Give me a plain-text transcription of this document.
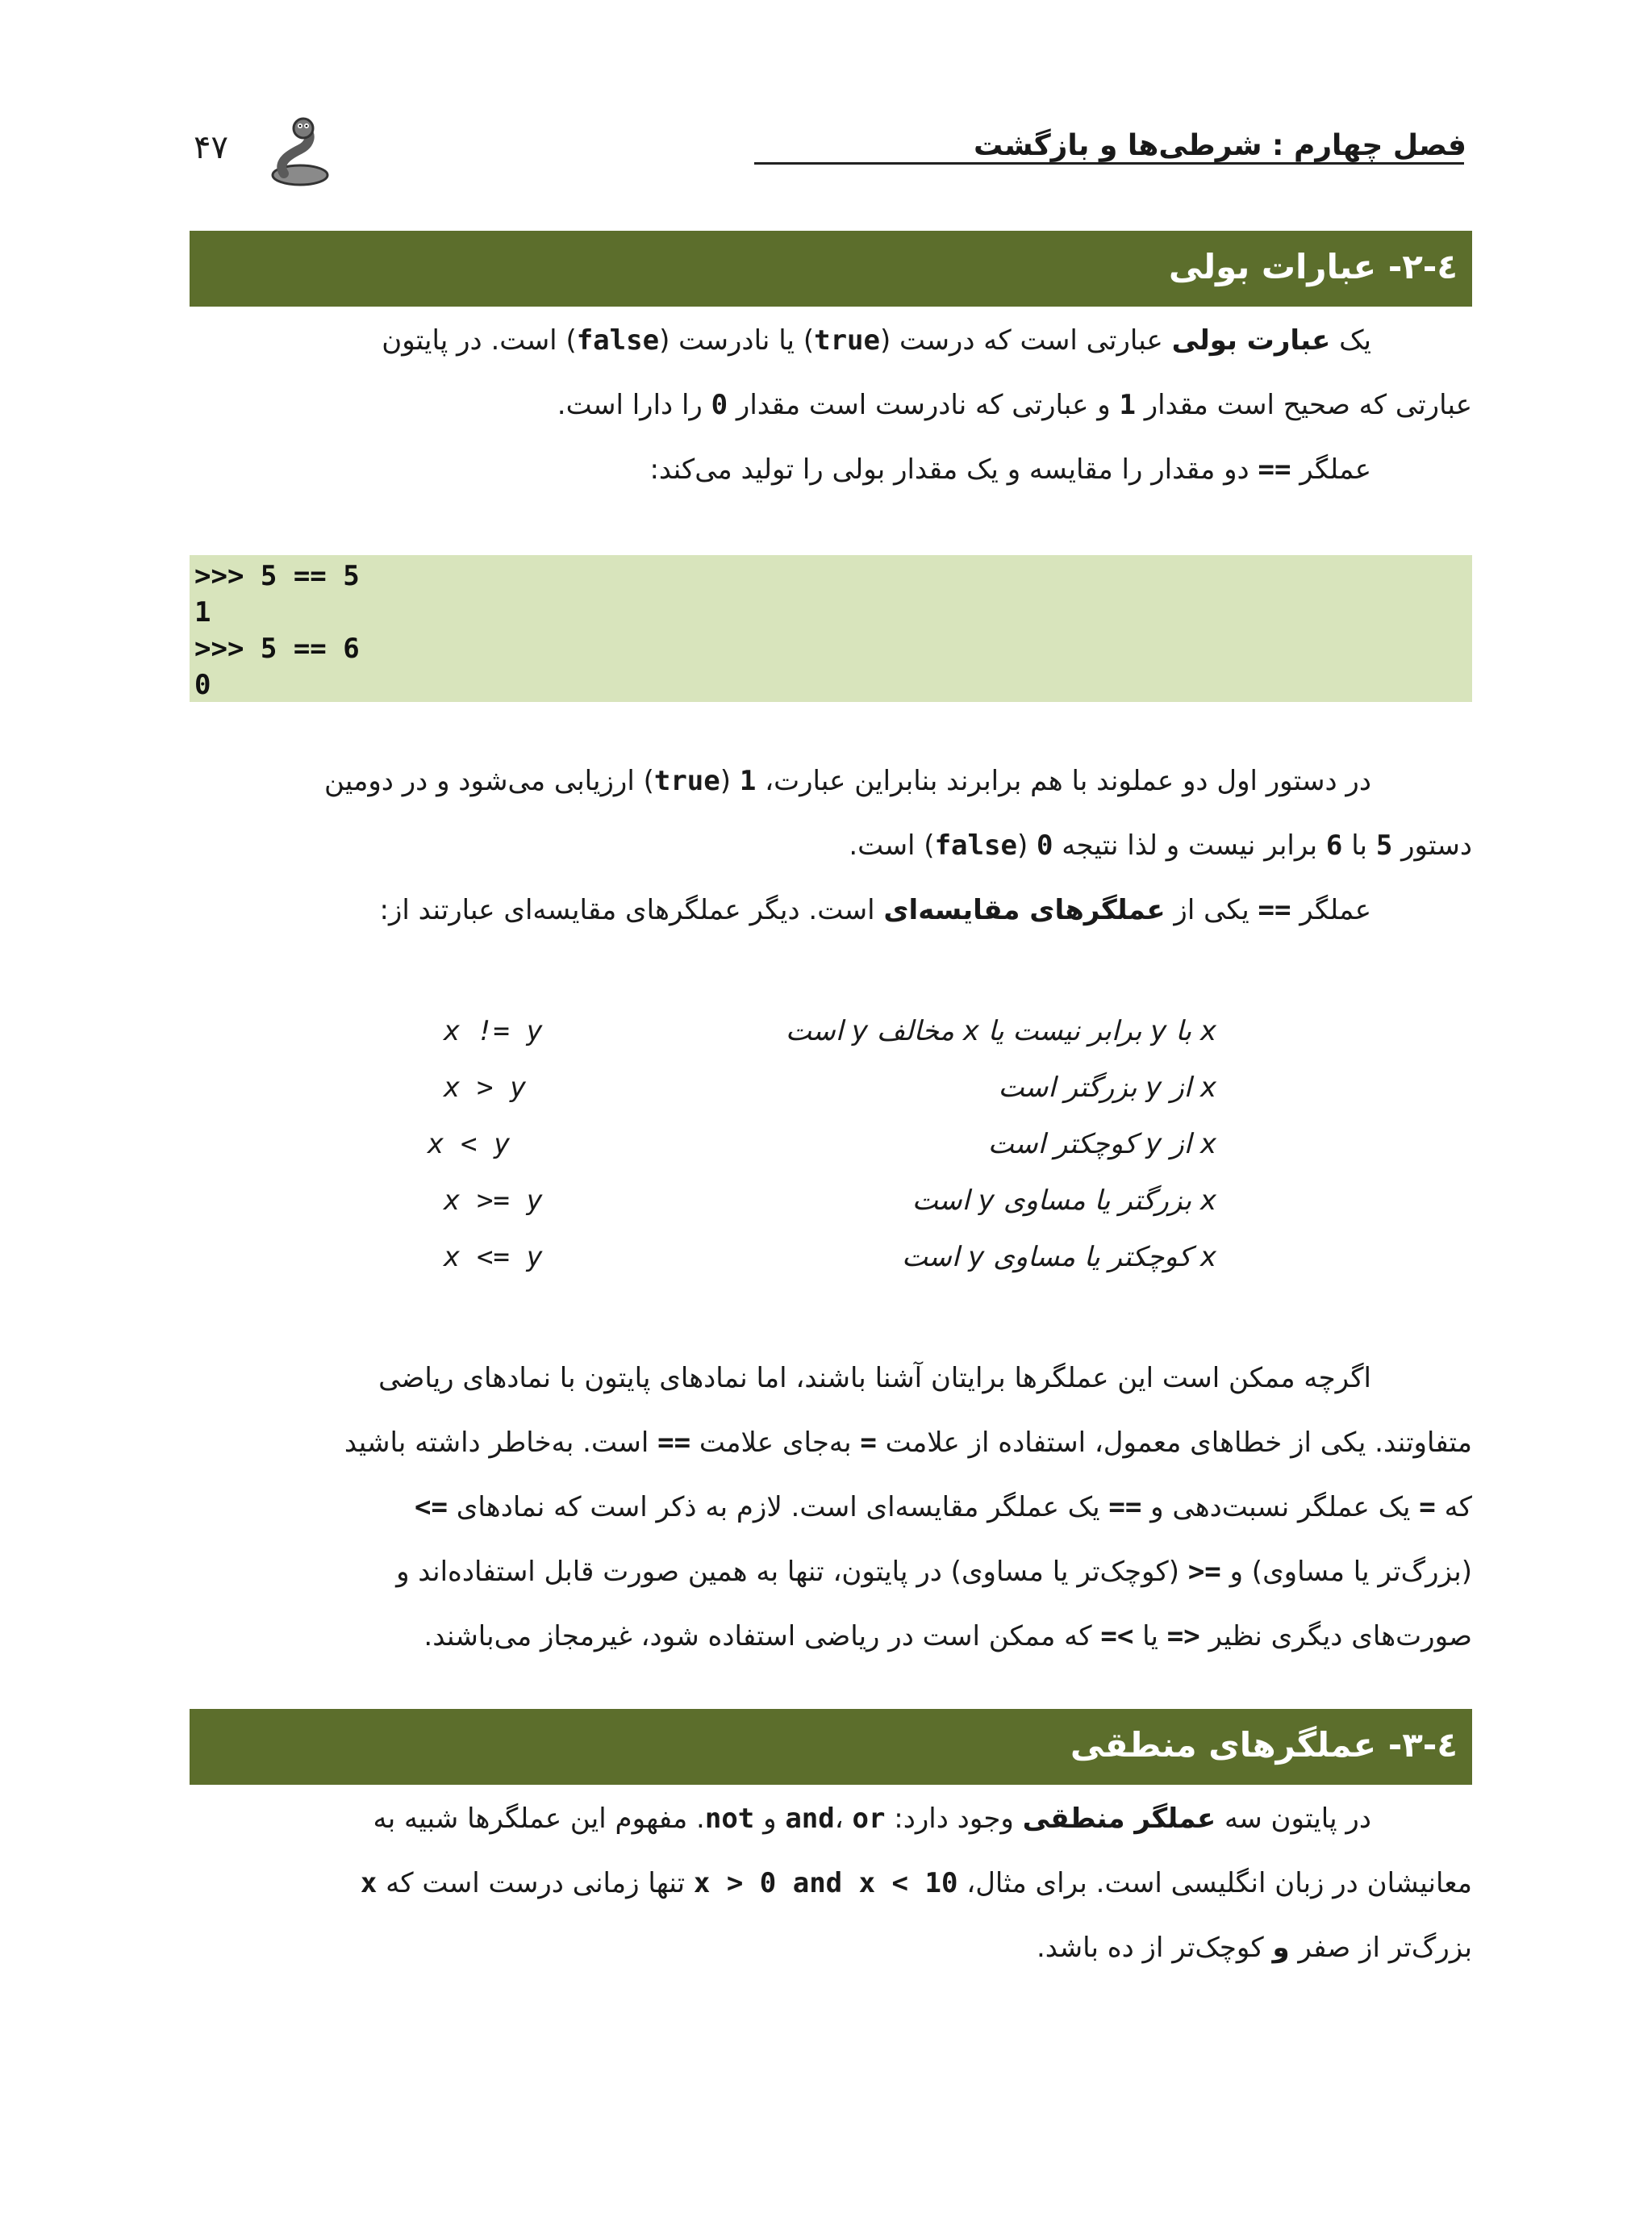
فصل چهارم : شرطی‌ها و بازگشت
۴۷
٤-٢- عبارات بولی
یک عبارت بولی عبارتی است که درست (true) یا نادرست (false) است. در پایتون
عبارتی که صحیح است مقدار 1 و عبارتی که نادرست است مقدار 0 را دارا است.
عملگر == دو مقدار را مقایسه و یک مقدار بولی را تولید می‌کند:
>>> 5 == 5
1
>>> 5 == 6
0
در دستور اول دو عملوند با هم برابرند بنابراین عبارت، 1 (true) ارزیابی می‌شود و در دومین
دستور 5 با 6 برابر نیست و لذا نتیجه 0 (false) است.
عملگر == یکی از عملگرهای مقایسه‌ای است. دیگر عملگرهای مقایسه‌ای عبارتند از:
x != y	x با y برابر نیست یا x مخالف y است
x > y	x از y بزرگتر است
x < y	x از y کوچکتر است
x >= y	x بزرگتر یا مساوی y است
x <= y	x کوچکتر یا مساوی y است
اگرچه ممکن است این عملگرها برایتان آشنا باشند، اما نمادهای پایتون با نمادهای ریاضی
متفاوتند. یکی از خطاهای معمول، استفاده از علامت = به‌جای علامت == است. به‌خاطر داشته باشید
که = یک عملگر نسبت‌دهی و == یک عملگر مقایسه‌ای است. لازم به ذکر است که نمادهای =>
(بزرگ‌تر یا مساوی) و =< (کوچک‌تر یا مساوی) در پایتون، تنها به همین صورت قابل استفاده‌اند و
صورت‌های دیگری نظیر <= یا >= که ممکن است در ریاضی استفاده شود، غیرمجاز می‌باشند.
٤-٣- عملگرهای منطقی
در پایتون سه عملگر منطقی وجود دارد: and، or و not. مفهوم این عملگرها شبیه به
معانیشان در زبان انگلیسی است. برای مثال، x > 0 and x < 10 تنها زمانی درست است که x
بزرگ‌تر از صفر و کوچک‌تر از ده باشد.
